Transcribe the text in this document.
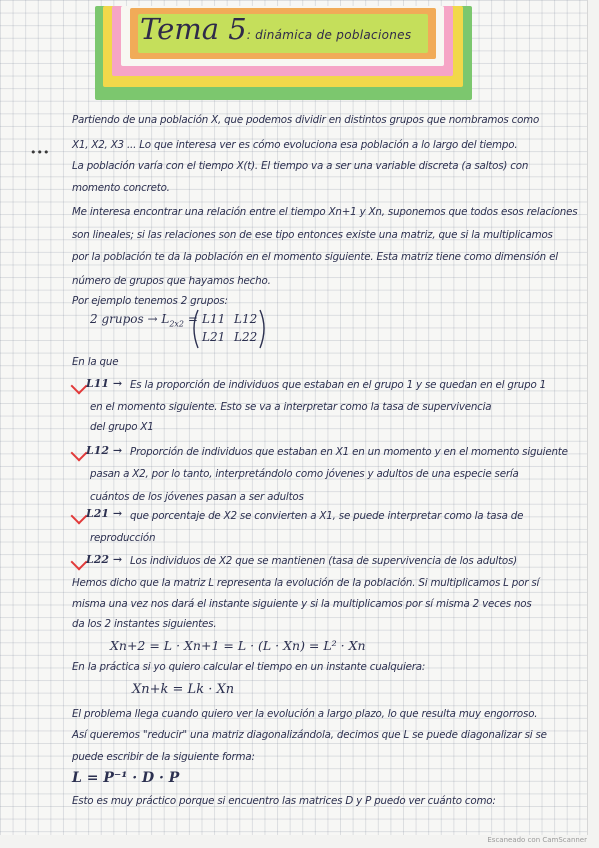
Tema 5: dinámica de poblaciones
•••
Partiendo de una población X, que podemos dividir en distintos grupos que nombramos como
X1, X2, X3 ... Lo que interesa ver es cómo evoluciona esa población a lo largo del tiempo.
La población varía con el tiempo X(t). El tiempo va a ser una variable discreta (a saltos) con
momento concreto.
Me interesa encontrar una relación entre el tiempo Xn+1 y Xn, suponemos que todos esos relaciones
son lineales; si las relaciones son de ese tipo entonces existe una matriz, que si la multiplicamos
por la población te da la población en el momento siguiente. Esta matriz tiene como dimensión el
número de grupos que hayamos hecho.
Por ejemplo tenemos 2 grupos:
2 grupos → $L_{2x2} = L11$ L12
L21 L22
En la que
L11 → Es la proporción de individuos que estaban en el grupo 1 y se quedan en el grupo 1
en el momento siguiente. Esto se va a interpretar como la tasa de supervivencia
del grupo X1
L12 → Proporción de individuos que estaban en X1 en un momento y en el momento siguiente
pasan a X2, por lo tanto, interpretándolo como jóvenes y adultos de una especie sería
cuántos de los jóvenes pasan a ser adultos
L21 → que porcentaje de X2 se convierten a X1, se puede interpretar como la tasa de
reproducción
L22 → Los individuos de X2 que se mantienen (tasa de supervivencia de los adultos)
Hemos dicho que la matriz L representa la evolución de la población. Si multiplicamos L por sí
misma una vez nos dará el instante siguiente y si la multiplicamos por sí misma 2 veces nos
da los 2 instantes siguientes.
Xn+2 = L · Xn+1 = L · (L · Xn) = L² · Xn
En la práctica si yo quiero calcular el tiempo en un instante cualquiera:
Xn+k = Lk · Xn
El problema llega cuando quiero ver la evolución a largo plazo, lo que resulta muy engorroso.
Así queremos "reducir" una matriz diagonalizándola, decimos que L se puede diagonalizar si se
puede escribir de la siguiente forma:
L = P⁻¹ · D · P
Esto es muy práctico porque si encuentro las matrices D y P puedo ver cuánto como:
Escaneado con CamScanner
